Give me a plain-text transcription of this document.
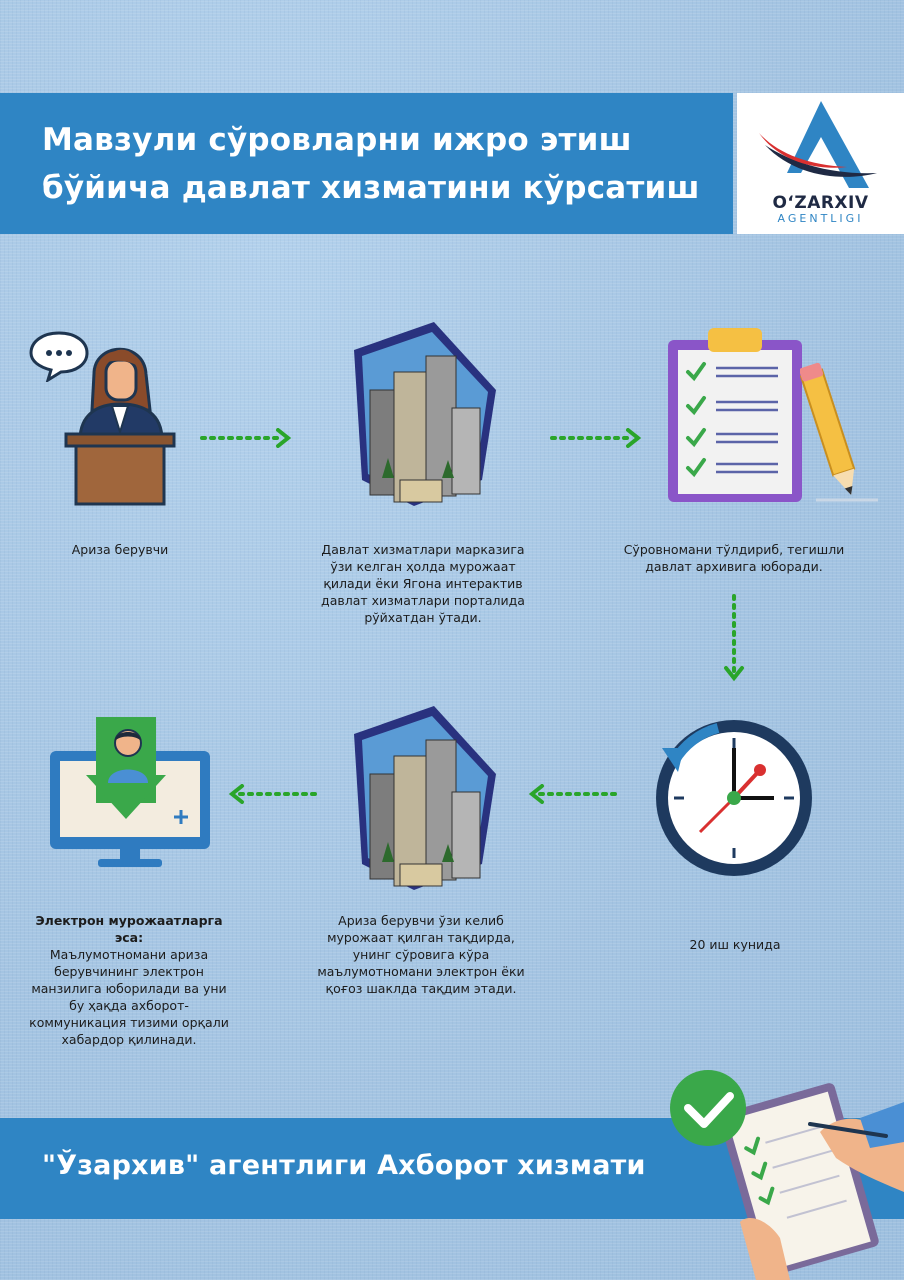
Мавзули сўровларни ижро этиш бўйича давлат хизматини кўрсатиш	O‘ZARXIV
AGENTLIGI
Ариза берувчи	Давлат хизматлари марказига ўзи келган ҳолда мурожаат қилади ёки Ягона интерактив давлат хизматлари порталида рўйхатдан ўтади.
Сўровномани тўлдириб, тегишли давлат архивига юборади.
Электрон мурожаатларга эса:
Маълумотномани ариза берувчининг электрон манзилига юборилади ва уни бу ҳақда ахборот-коммуникация тизими орқали хабардор қилинади.
Ариза берувчи ўзи келиб мурожаат қилган тақдирда, унинг сўровига кўра маълумотномани электрон ёки қоғоз шаклда тақдим этади.
20 иш кунида
"Ўзархив" агентлиги Ахборот хизмати
